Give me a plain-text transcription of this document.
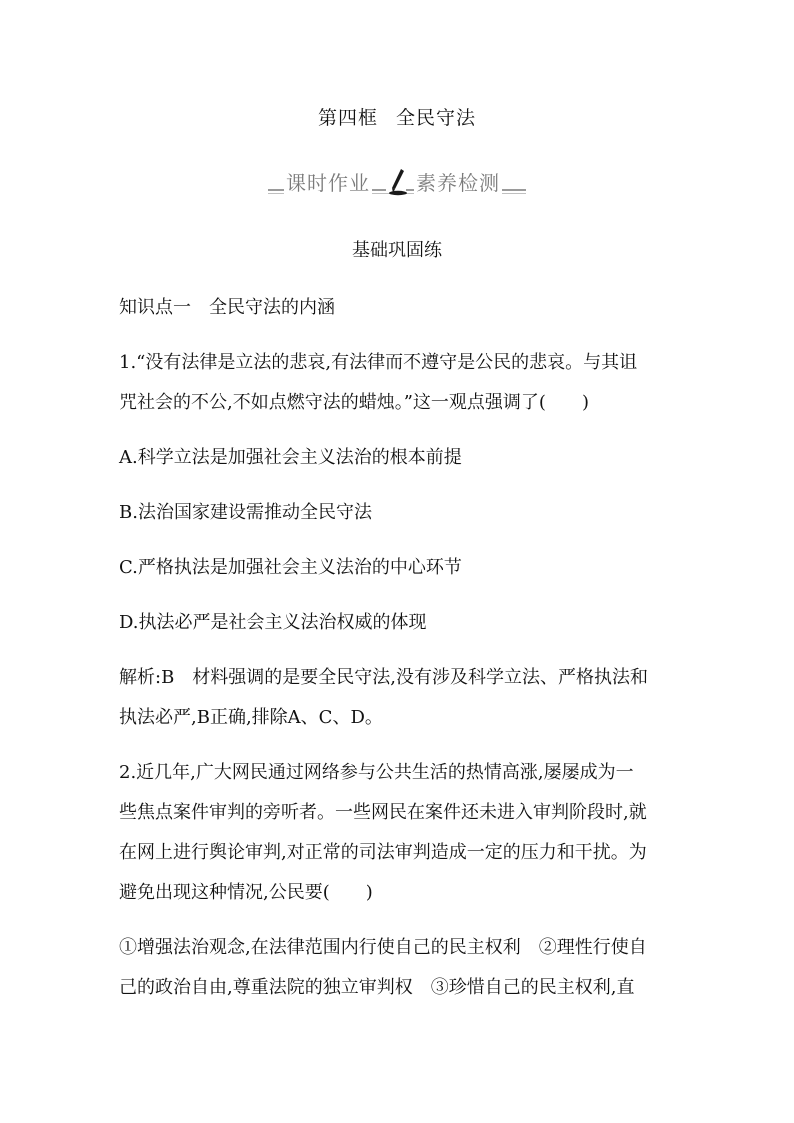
第四框 全民守法
课时作业 素养检测
基础巩固练
知识点一　全民守法的内涵
1.“没有法律是立法的悲哀,有法律而不遵守是公民的悲哀。与其诅
咒社会的不公,不如点燃守法的蜡烛。”这一观点强调了(　　)
A.科学立法是加强社会主义法治的根本前提
B.法治国家建设需推动全民守法
C.严格执法是加强社会主义法治的中心环节
D.执法必严是社会主义法治权威的体现
解析:B　材料强调的是要全民守法,没有涉及科学立法、严格执法和
执法必严,B正确,排除A、C、D。
2.近几年,广大网民通过网络参与公共生活的热情高涨,屡屡成为一
些焦点案件审判的旁听者。一些网民在案件还未进入审判阶段时,就
在网上进行舆论审判,对正常的司法审判造成一定的压力和干扰。为
避免出现这种情况,公民要(　　)
①增强法治观念,在法律范围内行使自己的民主权利　②理性行使自
己的政治自由,尊重法院的独立审判权　③珍惜自己的民主权利,直
